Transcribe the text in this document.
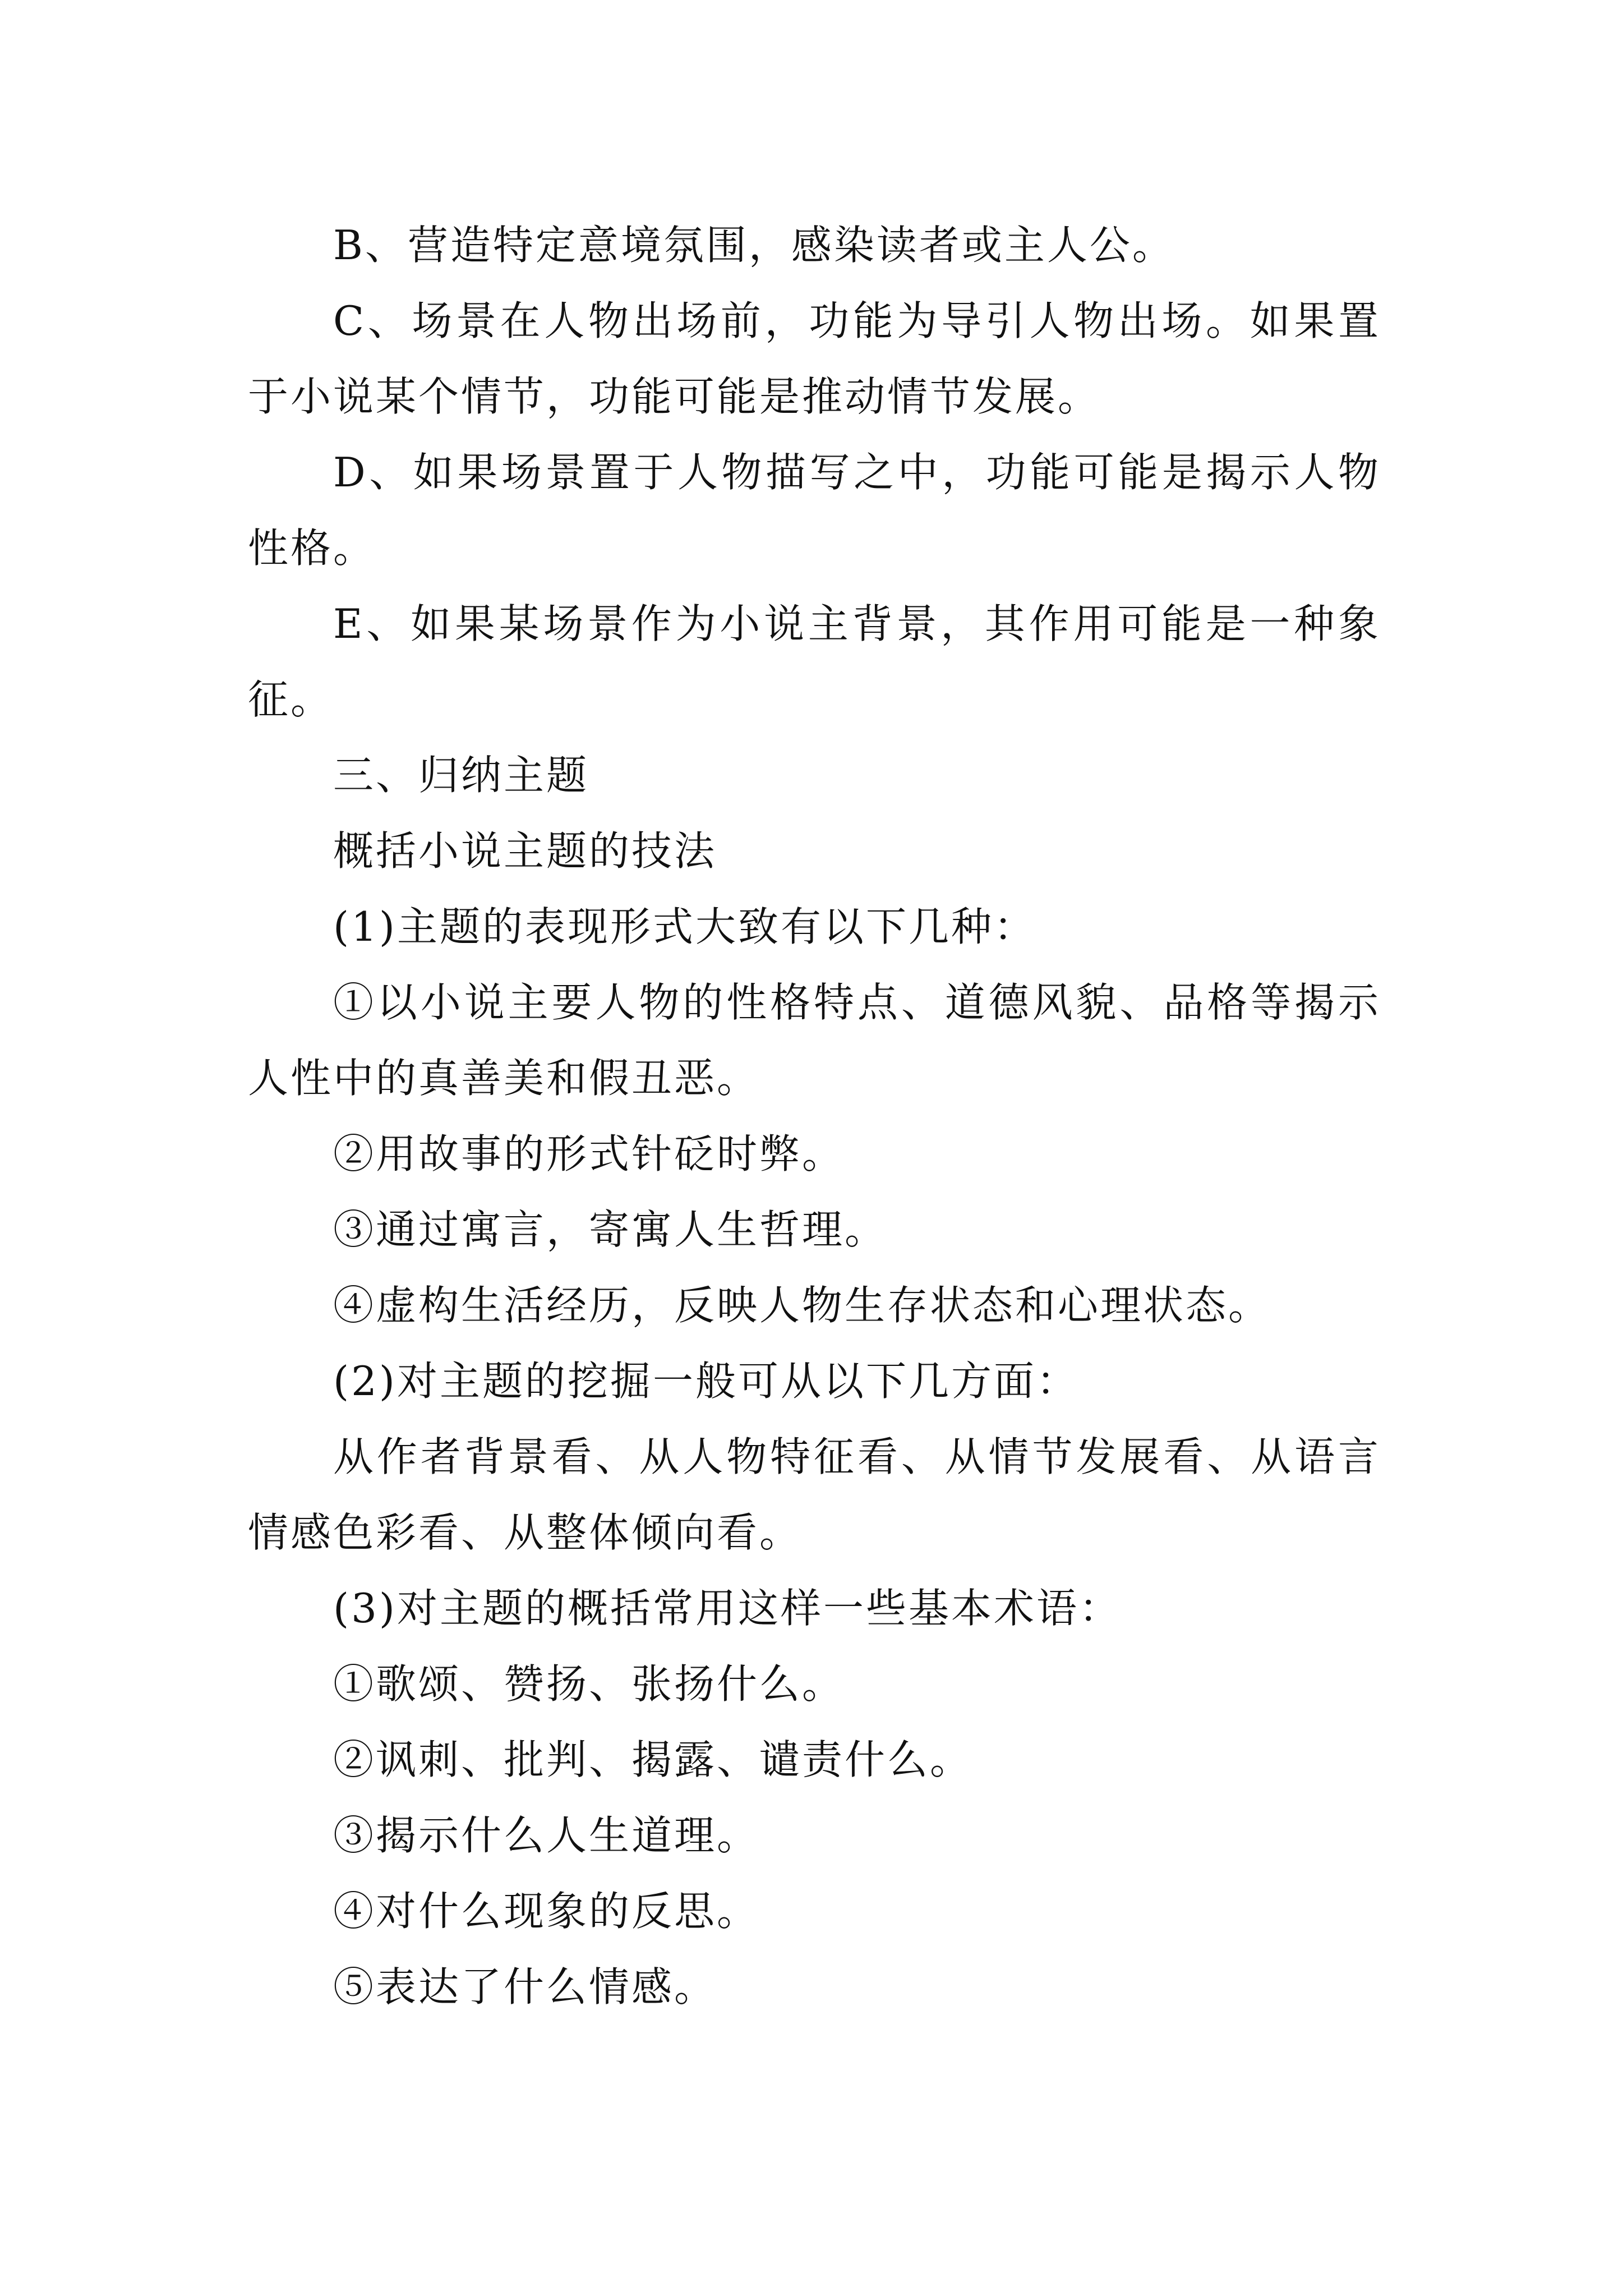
B、营造特定意境氛围，感染读者或主人公。

C、场景在人物出场前，功能为导引人物出场。如果置于小说某个情节，功能可能是推动情节发展。

D、如果场景置于人物描写之中，功能可能是揭示人物性格。

E、如果某场景作为小说主背景，其作用可能是一种象征。

三、归纳主题

概括小说主题的技法

(1)主题的表现形式大致有以下几种：

①以小说主要人物的性格特点、道德风貌、品格等揭示人性中的真善美和假丑恶。

②用故事的形式针砭时弊。

③通过寓言，寄寓人生哲理。

④虚构生活经历，反映人物生存状态和心理状态。

(2)对主题的挖掘一般可从以下几方面：

从作者背景看、从人物特征看、从情节发展看、从语言情感色彩看、从整体倾向看。

(3)对主题的概括常用这样一些基本术语：

①歌颂、赞扬、张扬什么。

②讽刺、批判、揭露、谴责什么。

③揭示什么人生道理。

④对什么现象的反思。

⑤表达了什么情感。
